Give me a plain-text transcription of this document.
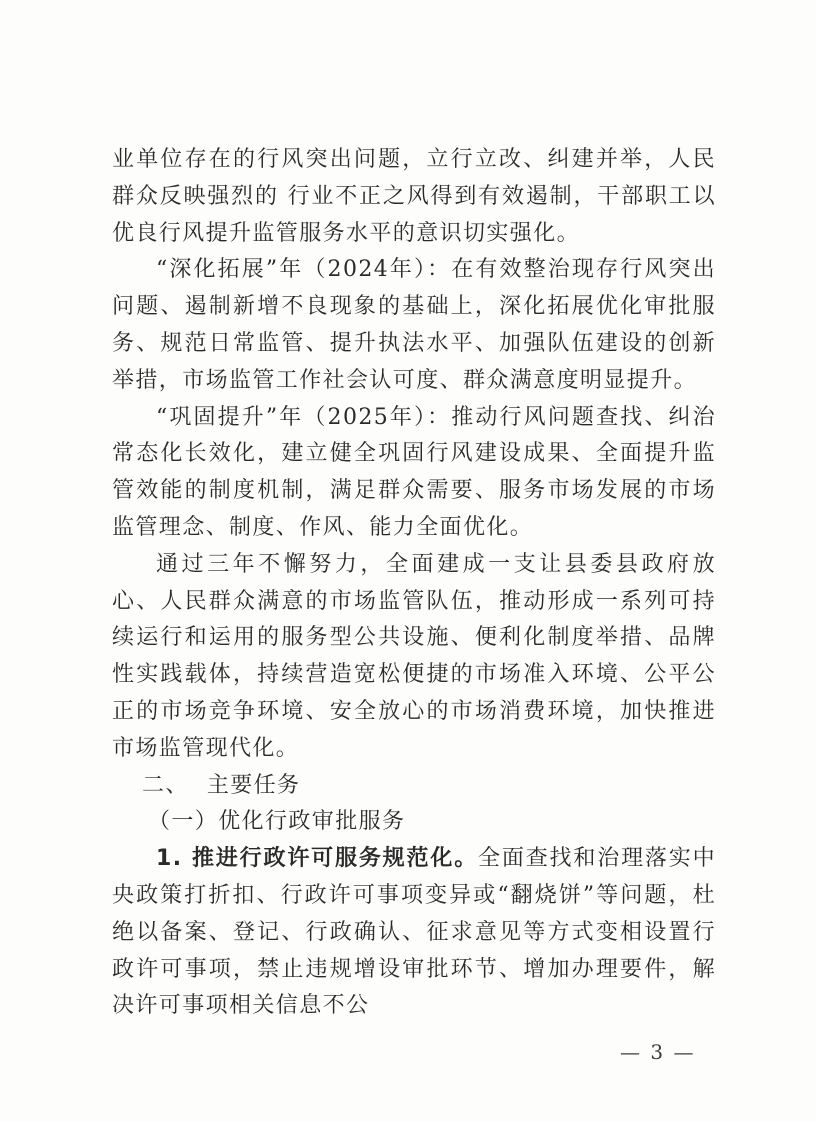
业单位存在的行风突出问题，立行立改、纠建并举，人民群众反映强烈的 行业不正之风得到有效遏制，干部职工以优良行风提升监管服务水平的意识切实强化。

“深化拓展”年（2024年）：在有效整治现存行风突出问题、遏制新增不良现象的基础上，深化拓展优化审批服务、规范日常监管、提升执法水平、加强队伍建设的创新举措，市场监管工作社会认可度、群众满意度明显提升。

“巩固提升”年（2025年）：推动行风问题查找、纠治常态化长效化，建立健全巩固行风建设成果、全面提升监管效能的制度机制，满足群众需要、服务市场发展的市场监管理念、制度、作风、能力全面优化。

通过三年不懈努力，全面建成一支让县委县政府放心、人民群众满意的市场监管队伍，推动形成一系列可持续运行和运用的服务型公共设施、便利化制度举措、品牌性实践载体，持续营造宽松便捷的市场准入环境、公平公正的市场竞争环境、安全放心的市场消费环境，加快推进市场监管现代化。

二、 主要任务

（一）优化行政审批服务

1. 推进行政许可服务规范化。全面查找和治理落实中央政策打折扣、行政许可事项变异或“翻烧饼”等问题，杜绝以备案、登记、行政确认、征求意见等方式变相设置行政许可事项，禁止违规增设审批环节、增加办理要件，解决许可事项相关信息不公

— 3 —
